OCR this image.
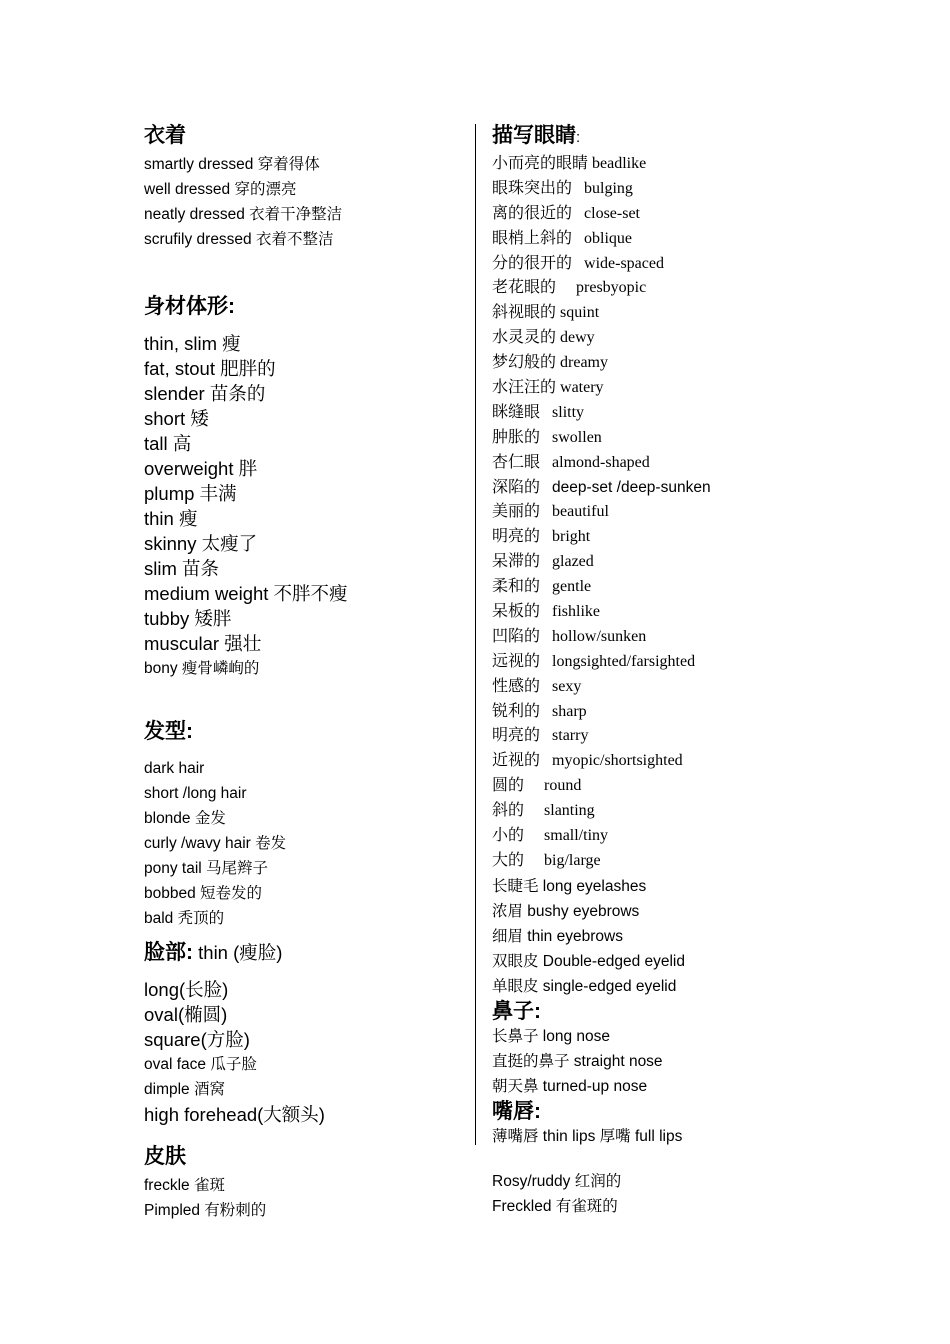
衣着
smartly dressed 穿着得体
well dressed 穿的漂亮
neatly dressed 衣着干净整洁
scrufily dressed 衣着不整洁
身材体形:
thin, slim 瘦
fat, stout 肥胖的
slender 苗条的
short 矮
tall 高
overweight 胖
plump 丰满
thin 瘦
skinny 太瘦了
slim 苗条
medium weight 不胖不瘦
tubby 矮胖
muscular 强壮
bony 瘦骨嶙峋的
发型:
dark hair
short /long hair
blonde 金发
curly /wavy hair 卷发
pony tail 马尾辫子
bobbed 短卷发的
bald 秃顶的
脸部: thin (瘦脸)
long(长脸)
oval(椭圆)
square(方脸)
oval face 瓜子脸
dimple 酒窝
high forehead(大额头)
皮肤
freckle 雀斑
Pimpled 有粉刺的
Rosy/ruddy 红润的
Freckled 有雀斑的
描写眼睛:
小而亮的眼睛 beadlike
眼珠突出的 bulging
离的很近的 close-set
眼梢上斜的 oblique
分的很开的 wide-spaced
老花眼的 presbyopic
斜视眼的 squint
水灵灵的 dewy
梦幻般的 dreamy
水汪汪的 watery
眯缝眼 slitty
肿胀的 swollen
杏仁眼 almond-shaped
深陷的 deep-set /deep-sunken
美丽的 beautiful
明亮的 bright
呆滞的 glazed
柔和的 gentle
呆板的 fishlike
凹陷的 hollow/sunken
远视的 longsighted/farsighted
性感的 sexy
锐利的 sharp
明亮的 starry
近视的 myopic/shortsighted
圆的 round
斜的 slanting
小的 small/tiny
大的 big/large
长睫毛 long eyelashes
浓眉 bushy eyebrows
细眉 thin eyebrows
双眼皮 Double-edged eyelid
单眼皮 single-edged eyelid
鼻子:
长鼻子 long nose
直挺的鼻子 straight nose
朝天鼻 turned-up nose
嘴唇:
薄嘴唇 thin lips 厚嘴 full lips
